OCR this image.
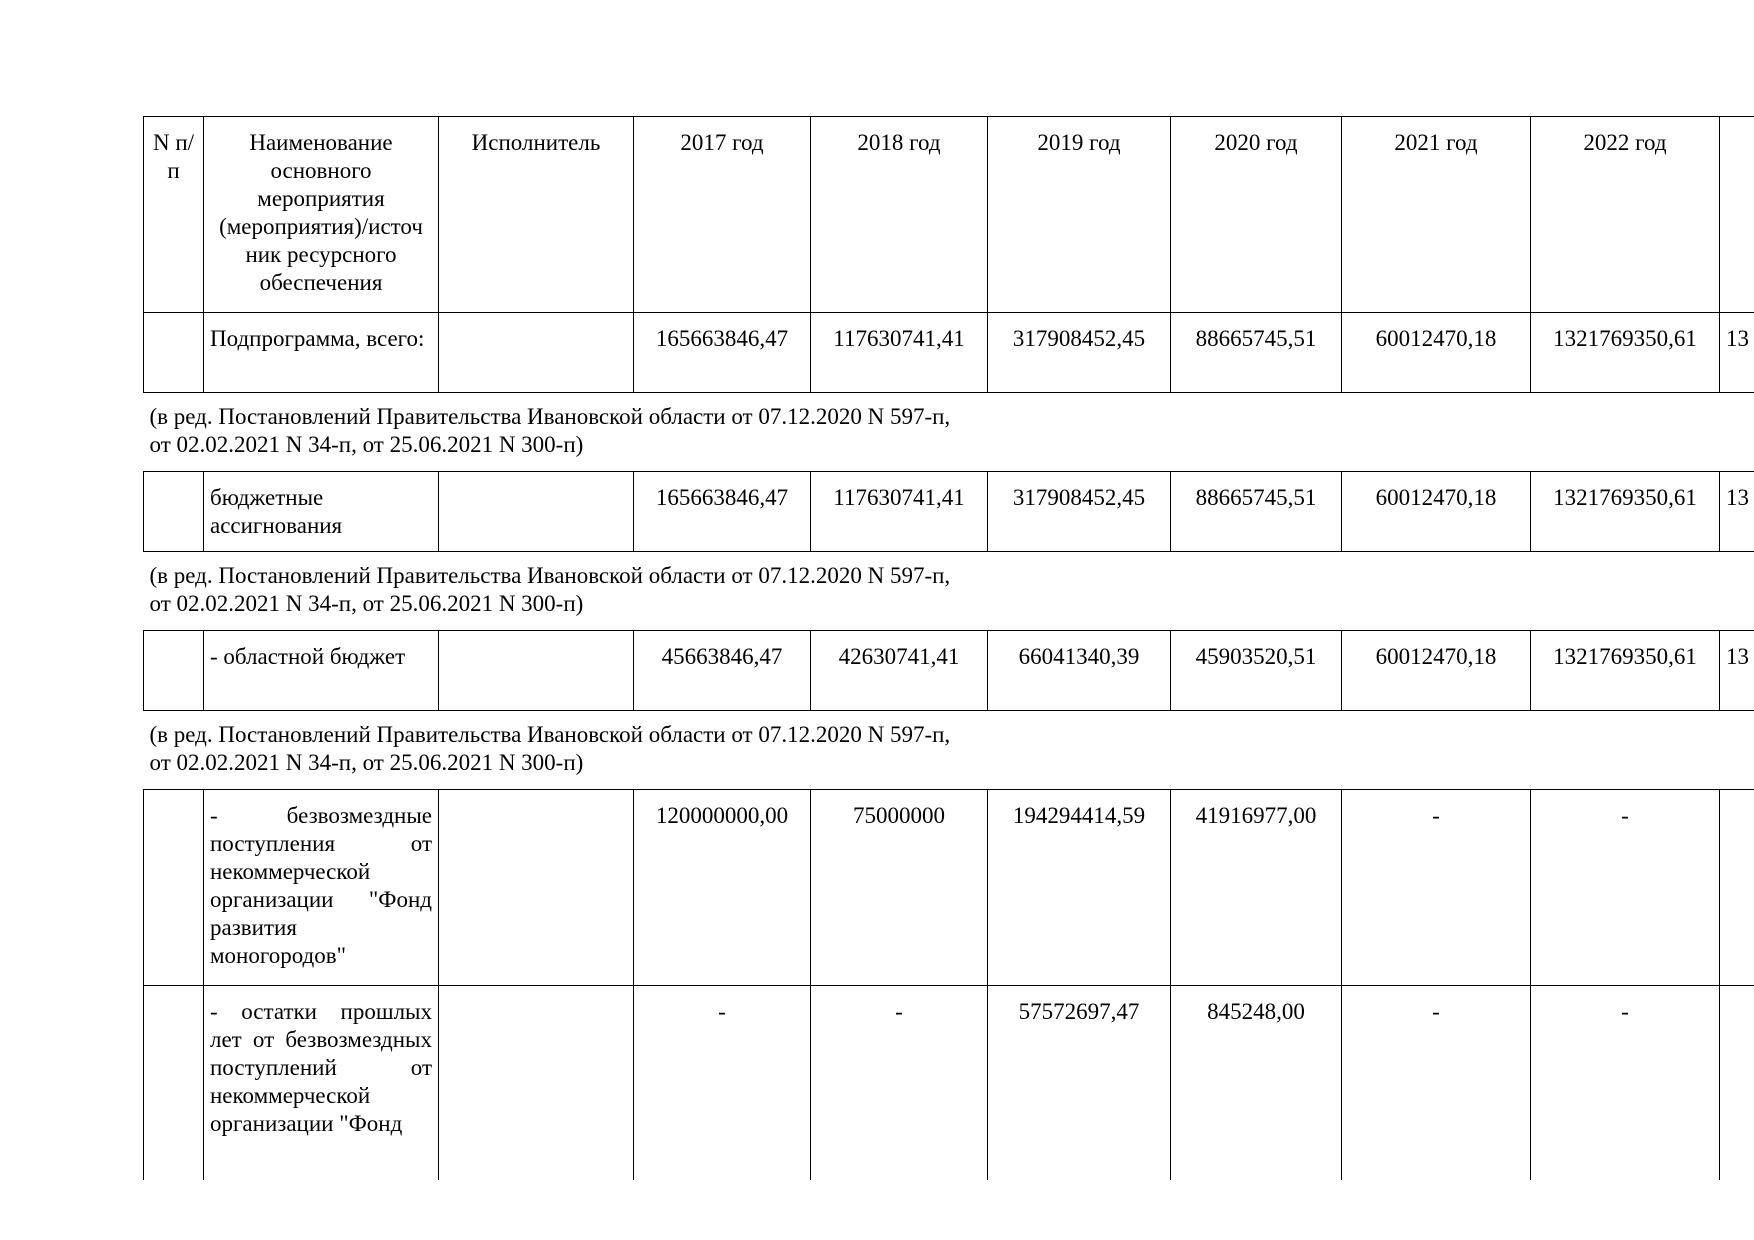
N п/п	Наименование основного мероприятия (мероприятия)/источ ник ресурсного обеспечения	Исполнитель	2017 год	2018 год	2019 год	2020 год	2021 год	2022 год	
	Подпрограмма, всего:		165663846,47	117630741,41	317908452,45	88665745,51	60012470,18	1321769350,61	13

(в ред. Постановлений Правительства Ивановской области от 07.12.2020 N 597-п,
от 02.02.2021 N 34-п, от 25.06.2021 N 300-п)									

	бюджетные ассигнования		165663846,47	117630741,41	317908452,45	88665745,51	60012470,18	1321769350,61	13

(в ред. Постановлений Правительства Ивановской области от 07.12.2020 N 597-п,
от 02.02.2021 N 34-п, от 25.06.2021 N 300-п)									

	- областной бюджет		45663846,47	42630741,41	66041340,39	45903520,51	60012470,18	1321769350,61	13

(в ред. Постановлений Правительства Ивановской области от 07.12.2020 N 597-п,
от 02.02.2021 N 34-п, от 25.06.2021 N 300-п)									

	- безвозмездные поступления от некоммерческой организации "Фонд развития моногородов"		120000000,00	75000000	194294414,59	41916977,00	-	-	
	- остатки прошлых лет от безвозмездных поступлений от некоммерческой организации "Фонд		-	-	57572697,47	845248,00	-	-	
